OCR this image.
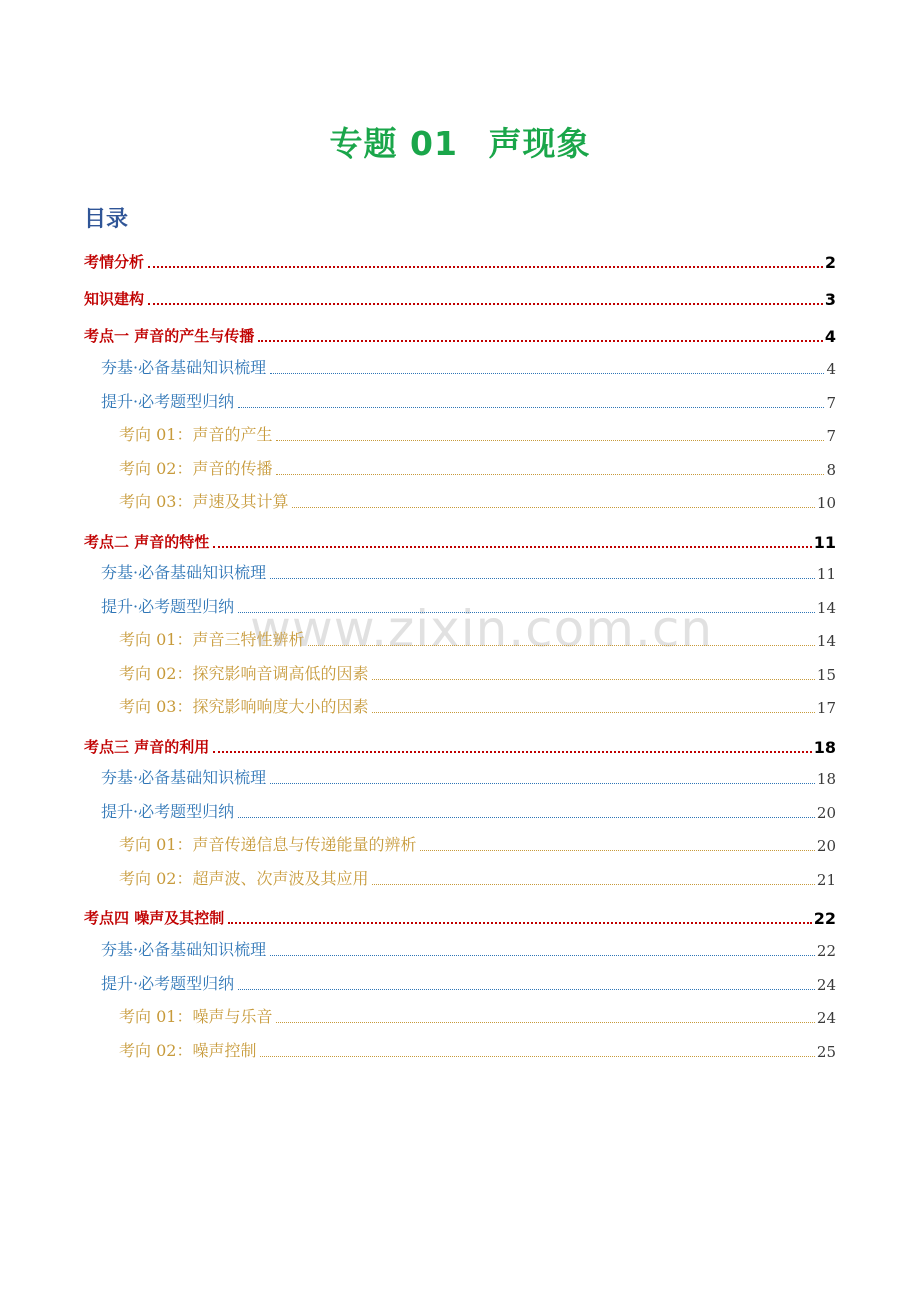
专题 01 声现象
目录
www.zixin.com.cn
考情分析	2
知识建构	3
考点一 声音的产生与传播	4
夯基·必备基础知识梳理	4
提升·必考题型归纳	7
考向 01：声音的产生	7
考向 02：声音的传播	8
考向 03：声速及其计算	10
考点二 声音的特性	11
夯基·必备基础知识梳理	11
提升·必考题型归纳	14
考向 01：声音三特性辨析	14
考向 02：探究影响音调高低的因素	15
考向 03：探究影响响度大小的因素	17
考点三 声音的利用	18
夯基·必备基础知识梳理	18
提升·必考题型归纳	20
考向 01：声音传递信息与传递能量的辨析	20
考向 02：超声波、次声波及其应用	21
考点四 噪声及其控制	22
夯基·必备基础知识梳理	22
提升·必考题型归纳	24
考向 01：噪声与乐音	24
考向 02：噪声控制	25
